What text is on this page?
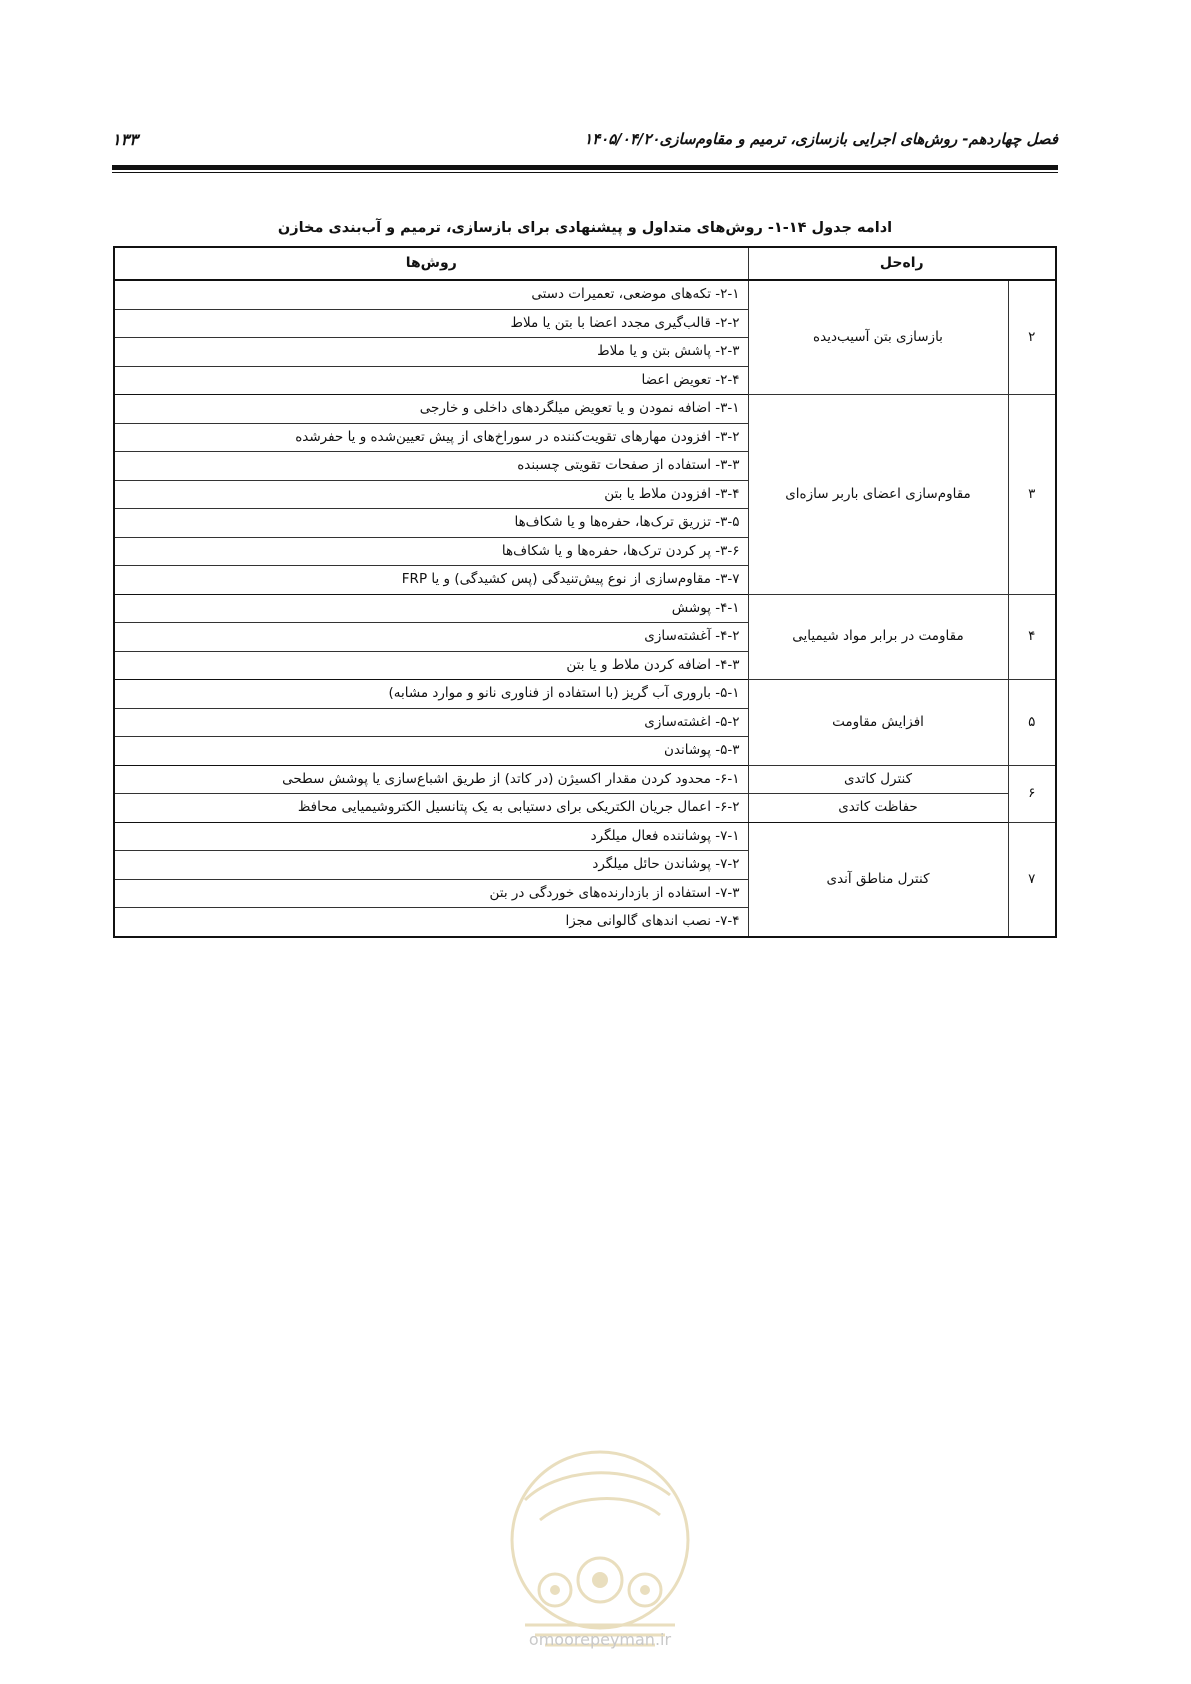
فصل چهاردهم- روش‌های اجرایی بازسازی، ترمیم و مقاوم‌سازی۱۴۰۵/۰۴/۲۰
۱۳۳
ادامه جدول ۱۴-۱- روش‌های متداول و پیشنهادی برای بازسازی، ترمیم و آب‌بندی مخازن
راه‌حل		روش‌ها
۲	بازسازی بتن آسیب‌دیده	۲-۱- تکه‌های موضعی، تعمیرات دستی
		۲-۲- قالب‌گیری مجدد اعضا با بتن یا ملاط
		۲-۳- پاشش بتن و یا ملاط
		۲-۴- تعویض اعضا
۳	مقاوم‌سازی اعضای باربر سازه‌ای	۳-۱- اضافه نمودن و یا تعویض میلگردهای داخلی و خارجی
		۳-۲- افزودن مهارهای تقویت‌کننده در سوراخ‌های از پیش تعیین‌شده و یا حفرشده
		۳-۳- استفاده از صفحات تقویتی چسبنده
		۳-۴- افزودن ملاط یا بتن
		۳-۵- تزریق ترک‌ها، حفره‌ها و یا شکاف‌ها
		۳-۶- پر کردن ترک‌ها، حفره‌ها و یا شکاف‌ها
		۳-۷- مقاوم‌سازی از نوع پیش‌تنیدگی (پس کشیدگی) و یا FRP
۴	مقاومت در برابر مواد شیمیایی	۴-۱- پوشش
		۴-۲- آغشته‌سازی
		۴-۳- اضافه کردن ملاط و یا بتن
۵	افزایش مقاومت	۵-۱- بارورى آب گریز (با استفاده از فناوری نانو و موارد مشابه)
		۵-۲- اغشته‌سازی
		۵-۳- پوشاندن
۶	کنترل کاتدی	۶-۱- محدود کردن مقدار اکسیژن (در کاتد) از طریق اشباع‌سازی یا پوشش سطحی
	حفاظت کاتدی	۶-۲- اعمال جریان الکتریکی برای دستیابی به یک پتانسیل الکتروشیمیایی محافظ
۷	کنترل مناطق آندی	۷-۱- پوشاننده فعال میلگرد
		۷-۲- پوشاندن حائل میلگرد
		۷-۳- استفاده از بازدارنده‌های خوردگی در بتن
		۷-۴- نصب اندهای گالوانی مجزا
omoorepeyman.ir
